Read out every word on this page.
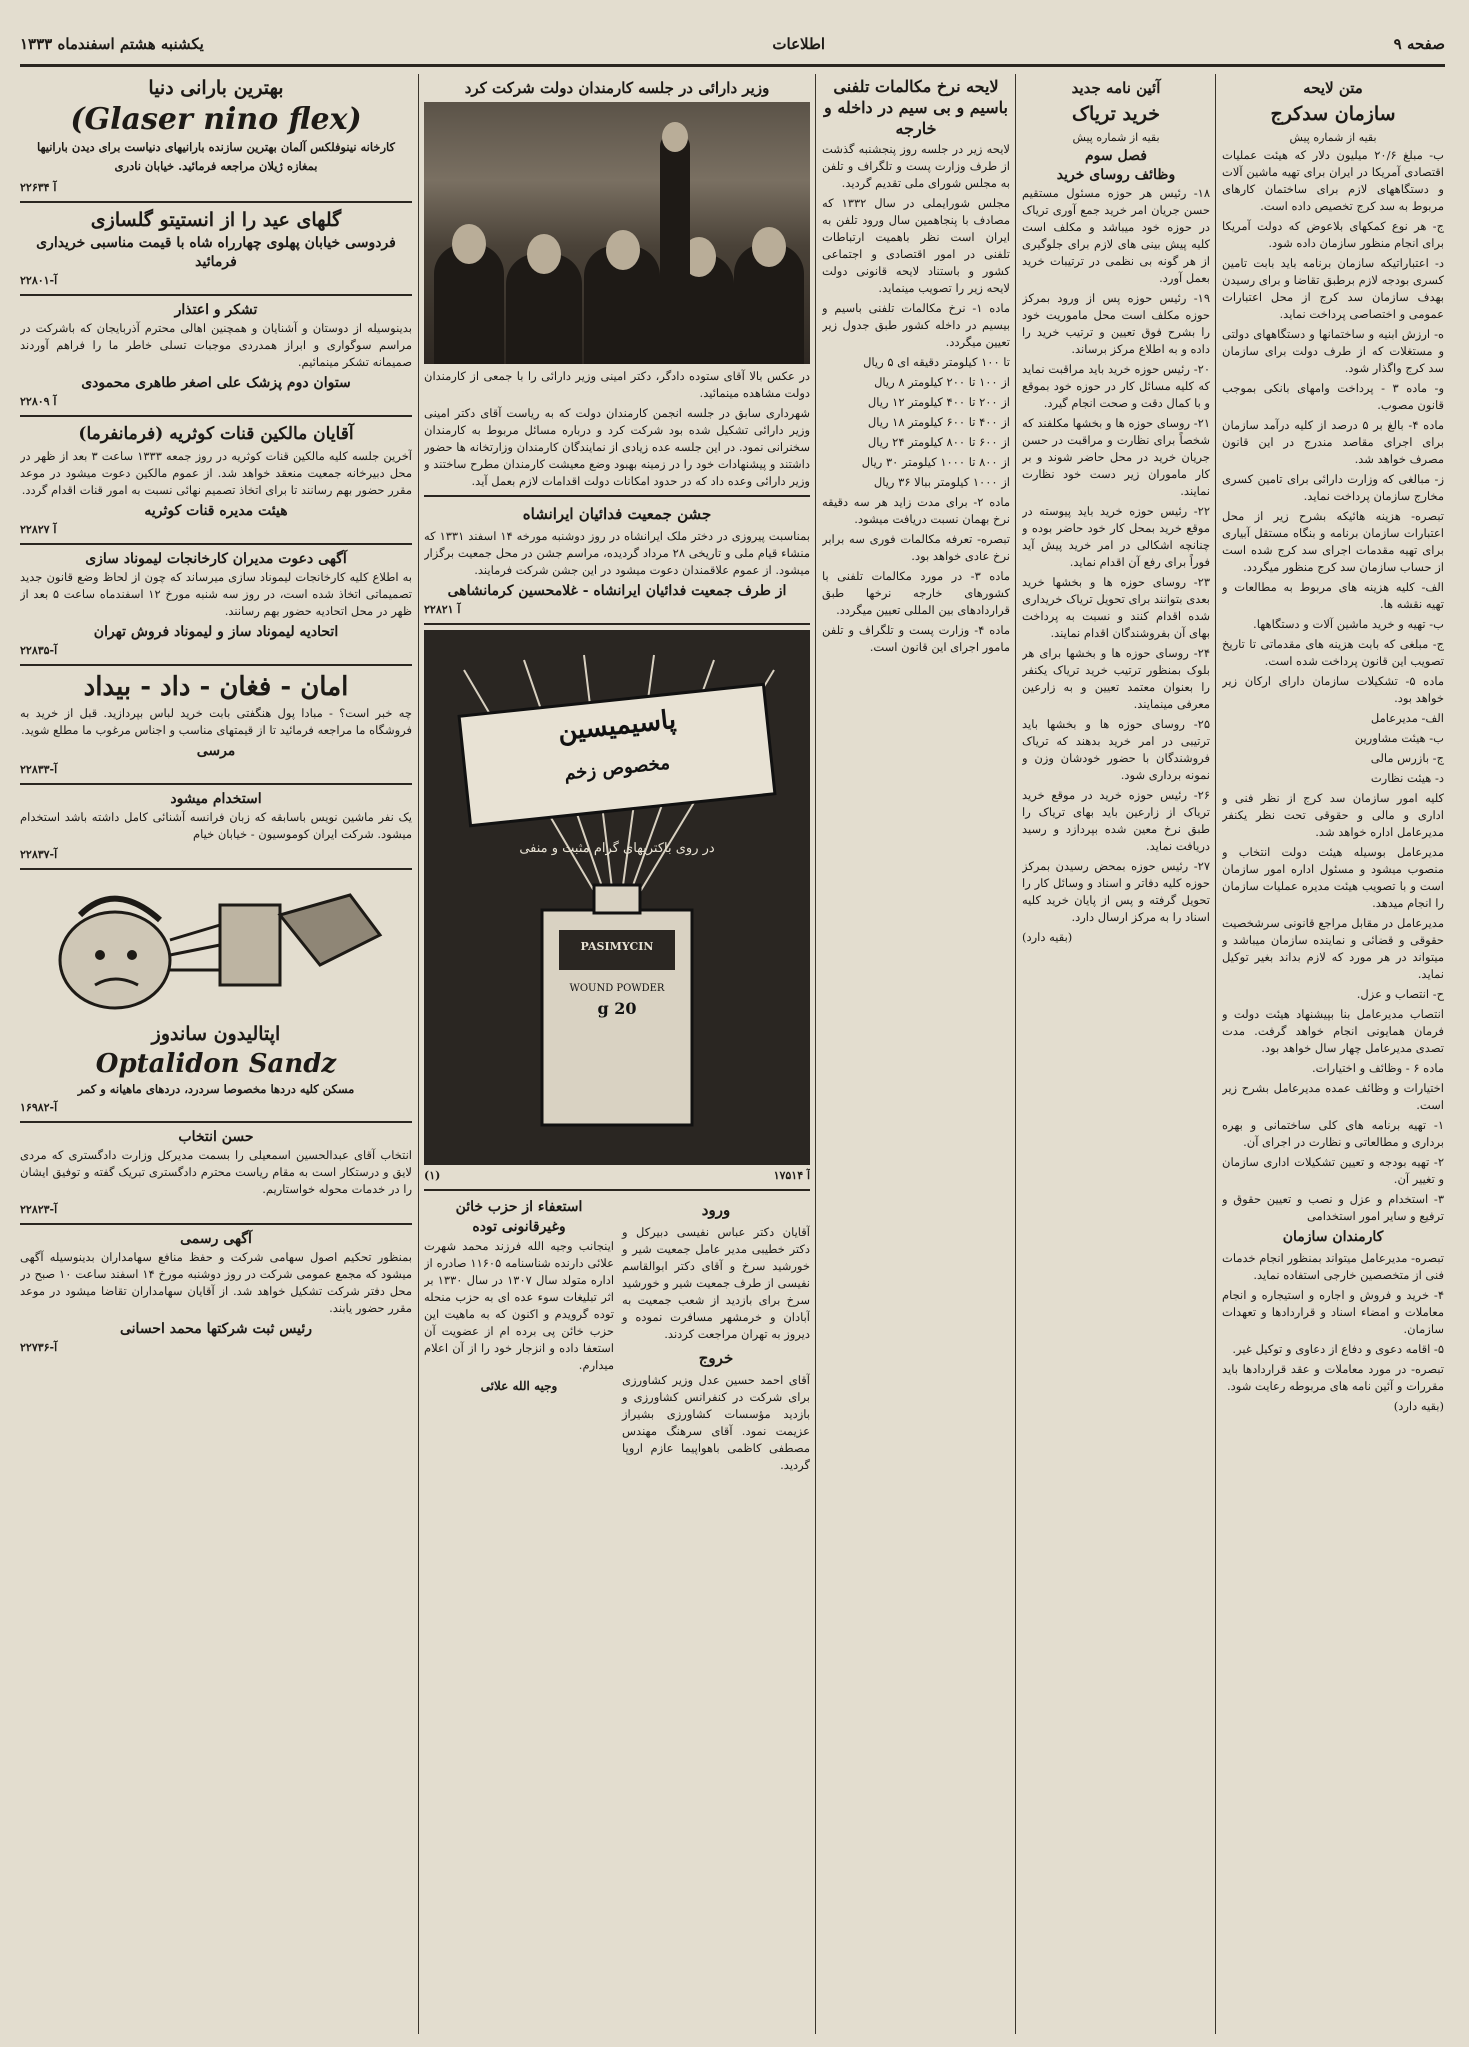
صفحه ۹
اطلاعات
یکشنبه هشتم اسفندماه ۱۳۳۳
متن لایحه
سازمان سدکرج
بقیه از شماره پیش
ب- مبلغ ۲۰/۶ میلیون دلار که هیئت عملیات اقتصادی آمریکا در ایران برای تهیه ماشین آلات و دستگاههای لازم برای ساختمان کارهای مربوط به سد کرج تخصیص داده است.
ج- هر نوع کمکهای بلاعوض که دولت آمریکا برای انجام منظور سازمان داده شود.
د- اعتباراتیکه سازمان برنامه باید بابت تامین کسری بودجه لازم برطبق تقاضا و برای رسیدن بهدف سازمان سد کرج از محل اعتبارات عمومی و اختصاصی پرداخت نماید.
ه- ارزش ابنیه و ساختمانها و دستگاههای دولتی و مستغلات که از طرف دولت برای سازمان سد کرج واگذار شود.
و- ماده ۳ - پرداخت وامهای بانکی بموجب قانون مصوب.
ماده ۴- بالغ بر ۵ درصد از کلیه درآمد سازمان برای اجرای مقاصد مندرج در این قانون مصرف خواهد شد.
ز- مبالغی که وزارت دارائی برای تامین کسری مخارج سازمان پرداخت نماید.
تبصره- هزینه هائیکه بشرح زیر از محل اعتبارات سازمان برنامه و بنگاه مستقل آبیاری برای تهیه مقدمات اجرای سد کرج شده است از حساب سازمان سد کرج منظور میگردد.
الف- کلیه هزینه های مربوط به مطالعات و تهیه نقشه ها.
ب- تهیه و خرید ماشین آلات و دستگاهها.
ج- مبلغی که بابت هزینه های مقدماتی تا تاریخ تصویب این قانون پرداخت شده است.
ماده ۵- تشکیلات سازمان دارای ارکان زیر خواهد بود.
الف- مدیرعامل
ب- هیئت مشاورین
ج- بازرس مالی
د- هیئت نظارت
کلیه امور سازمان سد کرج از نظر فنی و اداری و مالی و حقوقی تحت نظر یکنفر مدیرعامل اداره خواهد شد.
مدیرعامل بوسیله هیئت دولت انتخاب و منصوب میشود و مسئول اداره امور سازمان است و با تصویب هیئت مدیره عملیات سازمان را انجام میدهد.
مدیرعامل در مقابل مراجع قانونی سرشخصیت حقوقی و قضائی و نماینده سازمان میباشد و میتواند در هر مورد که لازم بداند بغیر توکیل نماید.
ح- انتصاب و عزل.
انتصاب مدیرعامل بنا بپیشنهاد هیئت دولت و فرمان همایونی انجام خواهد گرفت. مدت تصدی مدیرعامل چهار سال خواهد بود.
ماده ۶ - وظائف و اختیارات.
اختیارات و وظائف عمده مدیرعامل بشرح زیر است.
۱- تهیه برنامه های کلی ساختمانی و بهره برداری و مطالعاتی و نظارت در اجرای آن.
۲- تهیه بودجه و تعیین تشکیلات اداری سازمان و تغییر آن.
۳- استخدام و عزل و نصب و تعیین حقوق و ترفیع و سایر امور استخدامی
کارمندان سازمان
تبصره- مدیرعامل میتواند بمنظور انجام خدمات فنی از متخصصین خارجی استفاده نماید.
۴- خرید و فروش و اجاره و استیجاره و انجام معاملات و امضاء اسناد و قراردادها و تعهدات سازمان.
۵- اقامه دعوی و دفاع از دعاوی و توکیل غیر.
تبصره- در مورد معاملات و عقد قراردادها باید مقررات و آئین نامه های مربوطه رعایت شود.
(بقیه دارد)
آئین نامه جدید
خرید تریاک
بقیه از شماره پیش
فصل سوم
وظائف روسای خرید
۱۸- رئیس هر حوزه مسئول مستقیم حسن جریان امر خرید جمع آوری تریاک در حوزه خود میباشد و مکلف است کلیه پیش بینی های لازم برای جلوگیری از هر گونه بی نظمی در ترتیبات خرید بعمل آورد.
۱۹- رئیس حوزه پس از ورود بمرکز حوزه مکلف است محل ماموریت خود را بشرح فوق تعیین و ترتیب خرید را داده و به اطلاع مرکز برساند.
۲۰- رئیس حوزه خرید باید مراقبت نماید که کلیه مسائل کار در حوزه خود بموقع و با کمال دقت و صحت انجام گیرد.
۲۱- روسای حوزه ها و بخشها مکلفند که شخصاً برای نظارت و مراقبت در حسن جریان خرید در محل حاضر شوند و بر کار ماموران زیر دست خود نظارت نمایند.
۲۲- رئیس حوزه خرید باید پیوسته در موقع خرید بمحل کار خود حاضر بوده و چنانچه اشکالی در امر خرید پیش آید فوراً برای رفع آن اقدام نماید.
۲۳- روسای حوزه ها و بخشها خرید بعدی بتوانند برای تحویل تریاک خریداری شده اقدام کنند و نسبت به پرداخت بهای آن بفروشندگان اقدام نمایند.
۲۴- روسای حوزه ها و بخشها برای هر بلوک بمنظور ترتیب خرید تریاک یکنفر را بعنوان معتمد تعیین و به زارعین معرفی مینمایند.
۲۵- روسای حوزه ها و بخشها باید ترتیبی در امر خرید بدهند که تریاک فروشندگان با حضور خودشان وزن و نمونه برداری شود.
۲۶- رئیس حوزه خرید در موقع خرید تریاک از زارعین باید بهای تریاک را طبق نرخ معین شده بپردازد و رسید دریافت نماید.
۲۷- رئیس حوزه بمحض رسیدن بمرکز حوزه کلیه دفاتر و اسناد و وسائل کار را تحویل گرفته و پس از پایان خرید کلیه اسناد را به مرکز ارسال دارد.
(بقیه دارد)
لایحه نرخ مکالمات تلفنی باسیم و بی سیم در داخله و خارجه
لایحه زیر در جلسه روز پنجشنبه گذشت از طرف وزارت پست و تلگراف و تلفن به مجلس شورای ملی تقدیم گردید.
مجلس شورایملی در سال ۱۳۳۲ که مصادف با پنجاهمین سال ورود تلفن به ایران است نظر باهمیت ارتباطات تلفنی در امور اقتصادی و اجتماعی کشور و باستناد لایحه قانونی دولت لایحه زیر را تصویب مینماید.
ماده ۱- نرخ مکالمات تلفنی باسیم و بیسیم در داخله کشور طبق جدول زیر تعیین میگردد.
تا ۱۰۰ کیلومتر دقیقه ای ۵ ریال
از ۱۰۰ تا ۲۰۰ کیلومتر ۸ ریال
از ۲۰۰ تا ۴۰۰ کیلومتر ۱۲ ریال
از ۴۰۰ تا ۶۰۰ کیلومتر ۱۸ ریال
از ۶۰۰ تا ۸۰۰ کیلومتر ۲۴ ریال
از ۸۰۰ تا ۱۰۰۰ کیلومتر ۳۰ ریال
از ۱۰۰۰ کیلومتر ببالا ۳۶ ریال
ماده ۲- برای مدت زاید هر سه دقیقه نرخ بهمان نسبت دریافت میشود.
تبصره- تعرفه مکالمات فوری سه برابر نرخ عادی خواهد بود.
ماده ۳- در مورد مکالمات تلفنی با کشورهای خارجه نرخها طبق قراردادهای بین المللی تعیین میگردد.
ماده ۴- وزارت پست و تلگراف و تلفن مامور اجرای این قانون است.
وزیر دارائی در جلسه کارمندان دولت شرکت کرد
در عکس بالا آقای ستوده دادگر، دکتر امینی وزیر دارائی را با جمعی از کارمندان دولت مشاهده مینمائید.
شهرداری سابق در جلسه انجمن کارمندان دولت که به ریاست آقای دکتر امینی وزیر دارائی تشکیل شده بود شرکت کرد و درباره مسائل مربوط به کارمندان سخنرانی نمود. در این جلسه عده زیادی از نمایندگان کارمندان وزارتخانه ها حضور داشتند و پیشنهادات خود را در زمینه بهبود وضع معیشت کارمندان مطرح ساختند و وزیر دارائی وعده داد که در حدود امکانات دولت اقدامات لازم بعمل آید.
جشن جمعیت فدائیان ایرانشاه
بمناسبت پیروزی در دختر ملک ایرانشاه در روز دوشنبه مورخه ۱۴ اسفند ۱۳۳۱ که منشاء قیام ملی و تاریخی ۲۸ مرداد گردیده، مراسم جشن در محل جمعیت برگزار میشود. از عموم علاقمندان دعوت میشود در این جشن شرکت فرمایند.
از طرف جمعیت فدائیان ایرانشاه - غلامحسین کرمانشاهی
آ ۲۲۸۲۱
پاسیمیسین
مخصوص زخم
در روی باکتریهای گرام مثبت و منفی
PASIMYCIN
WOUND POWDER
20 g
(۱)	آ ۱۷۵۱۴
ورود
آقایان دکتر عباس نفیسی دبیرکل و دکتر خطیبی مدیر عامل جمعیت شیر و خورشید سرخ و آقای دکتر ابوالقاسم نفیسی از طرف جمعیت شیر و خورشید سرخ برای بازدید از شعب جمعیت به آبادان و خرمشهر مسافرت نموده و دیروز به تهران مراجعت کردند.
خروج
آقای احمد حسین عدل وزیر کشاورزی برای شرکت در کنفرانس کشاورزی و بازدید مؤسسات کشاورزی بشیراز عزیمت نمود. آقای سرهنگ مهندس مصطفی کاظمی باهواپیما عازم اروپا گردید.
استعفاء از حزب خائن
وغیرقانونی توده
اینجانب وجیه الله فرزند محمد شهرت علائی دارنده شناسنامه ۱۱۶۰۵ صادره از اداره متولد سال ۱۳۰۷ در سال ۱۳۳۰ بر اثر تبلیغات سوء عده ای به حزب منحله توده گرویدم و اکنون که به ماهیت این حزب خائن پی برده ام از عضویت آن استعفا داده و انزجار خود را از آن اعلام میدارم.
وجیه الله علائی
بهترین بارانی دنیا
(Glaser nino flex)
کارخانه نینوفلکس آلمان بهترین سازنده بارانیهای دنیاست برای دیدن بارانیها بمغازه ژیلان مراجعه فرمائید. خیابان نادری
آ ۲۲۶۳۴
گلهای عید را از انستیتو گلسازی
فردوسی خیابان پهلوی چهارراه شاه با قیمت مناسبی خریداری فرمائید
آ-۲۲۸۰۱
تشکر و اعتذار
بدینوسیله از دوستان و آشنایان و همچنین اهالی محترم آذربایجان که باشرکت در مراسم سوگواری و ابراز همدردی موجبات تسلی خاطر ما را فراهم آوردند صمیمانه تشکر مینمائیم.
ستوان دوم پزشک علی اصغر طاهری محمودی
آ ۲۲۸۰۹
آقایان مالکین قنات کوثریه (فرمانفرما)
آخرین جلسه کلیه مالکین قنات کوثریه در روز جمعه ۱۳۳۳ ساعت ۳ بعد از ظهر در محل دبیرخانه جمعیت منعقد خواهد شد. از عموم مالکین دعوت میشود در موعد مقرر حضور بهم رسانند تا برای اتخاذ تصمیم نهائی نسبت به امور قنات اقدام گردد.
هیئت مدیره قنات کوثریه
آ ۲۲۸۲۷
آگهی دعوت مدیران کارخانجات لیموناد سازی
به اطلاع کلیه کارخانجات لیموناد سازی میرساند که چون از لحاظ وضع قانون جدید تصمیماتی اتخاذ شده است، در روز سه شنبه مورخ ۱۲ اسفندماه ساعت ۵ بعد از ظهر در محل اتحادیه حضور بهم رسانند.
اتحادیه لیموناد ساز و لیموناد فروش تهران
آ-۲۲۸۳۵
امان - فغان - داد - بیداد
چه خبر است؟ - مبادا پول هنگفتی بابت خرید لباس بپردازید. قبل از خرید به فروشگاه ما مراجعه فرمائید تا از قیمتهای مناسب و اجناس مرغوب ما مطلع شوید.
مرسی
آ-۲۲۸۳۳
استخدام میشود
یک نفر ماشین نویس باسابقه که زبان فرانسه آشنائی کامل داشته باشد استخدام میشود. شرکت ایران کوموسیون - خیابان خیام
آ-۲۲۸۳۷
اپتالیدون ساندوز
Optalidon Sandz
مسکن کلیه دردها مخصوصا سردرد، دردهای ماهیانه و کمر
آ-۱۶۹۸۲
حسن انتخاب
انتخاب آقای عبدالحسین اسمعیلی را بسمت مدیرکل وزارت دادگستری که مردی لایق و درستکار است به مقام ریاست محترم دادگستری تبریک گفته و توفیق ایشان را در خدمات محوله خواستاریم.
آ-۲۲۸۲۳
آگهی رسمی
بمنظور تحکیم اصول سهامی شرکت و حفظ منافع سهامداران بدینوسیله آگهی میشود که مجمع عمومی شرکت در روز دوشنبه مورخ ۱۴ اسفند ساعت ۱۰ صبح در محل دفتر شرکت تشکیل خواهد شد. از آقایان سهامداران تقاضا میشود در موعد مقرر حضور یابند.
رئیس ثبت شرکتها محمد احسانی
آ-۲۲۷۳۶
